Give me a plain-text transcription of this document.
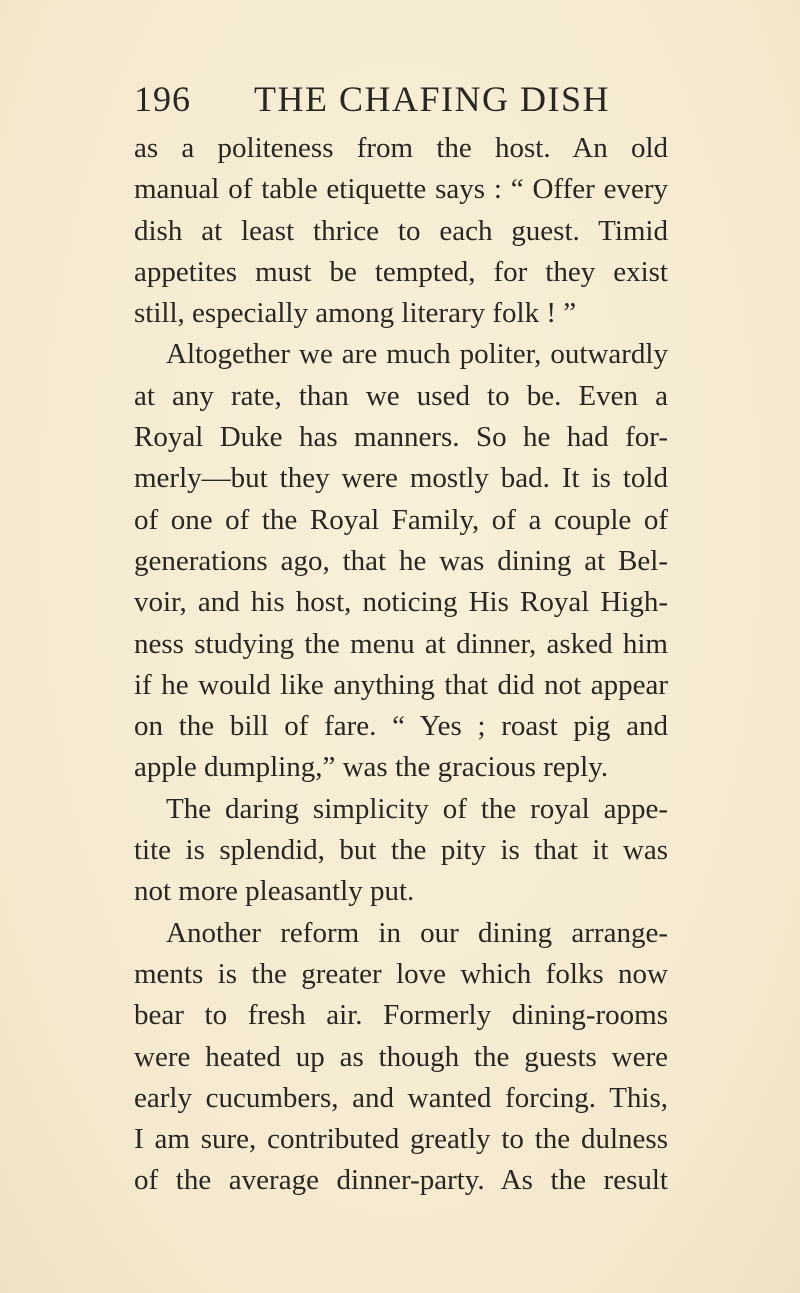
196 THE CHAFING DISH
as a politeness from the host. An old
manual of table etiquette says : “ Offer every
dish at least thrice to each guest. Timid
appetites must be tempted, for they exist
still, especially among literary folk ! ”
Altogether we are much politer, outwardly
at any rate, than we used to be. Even a
Royal Duke has manners. So he had for-
merly—but they were mostly bad. It is told
of one of the Royal Family, of a couple of
generations ago, that he was dining at Bel-
voir, and his host, noticing His Royal High-
ness studying the menu at dinner, asked him
if he would like anything that did not appear
on the bill of fare. “ Yes ; roast pig and
apple dumpling,” was the gracious reply.
The daring simplicity of the royal appe-
tite is splendid, but the pity is that it was
not more pleasantly put.
Another reform in our dining arrange-
ments is the greater love which folks now
bear to fresh air. Formerly dining-rooms
were heated up as though the guests were
early cucumbers, and wanted forcing. This,
I am sure, contributed greatly to the dulness
of the average dinner-party. As the result
